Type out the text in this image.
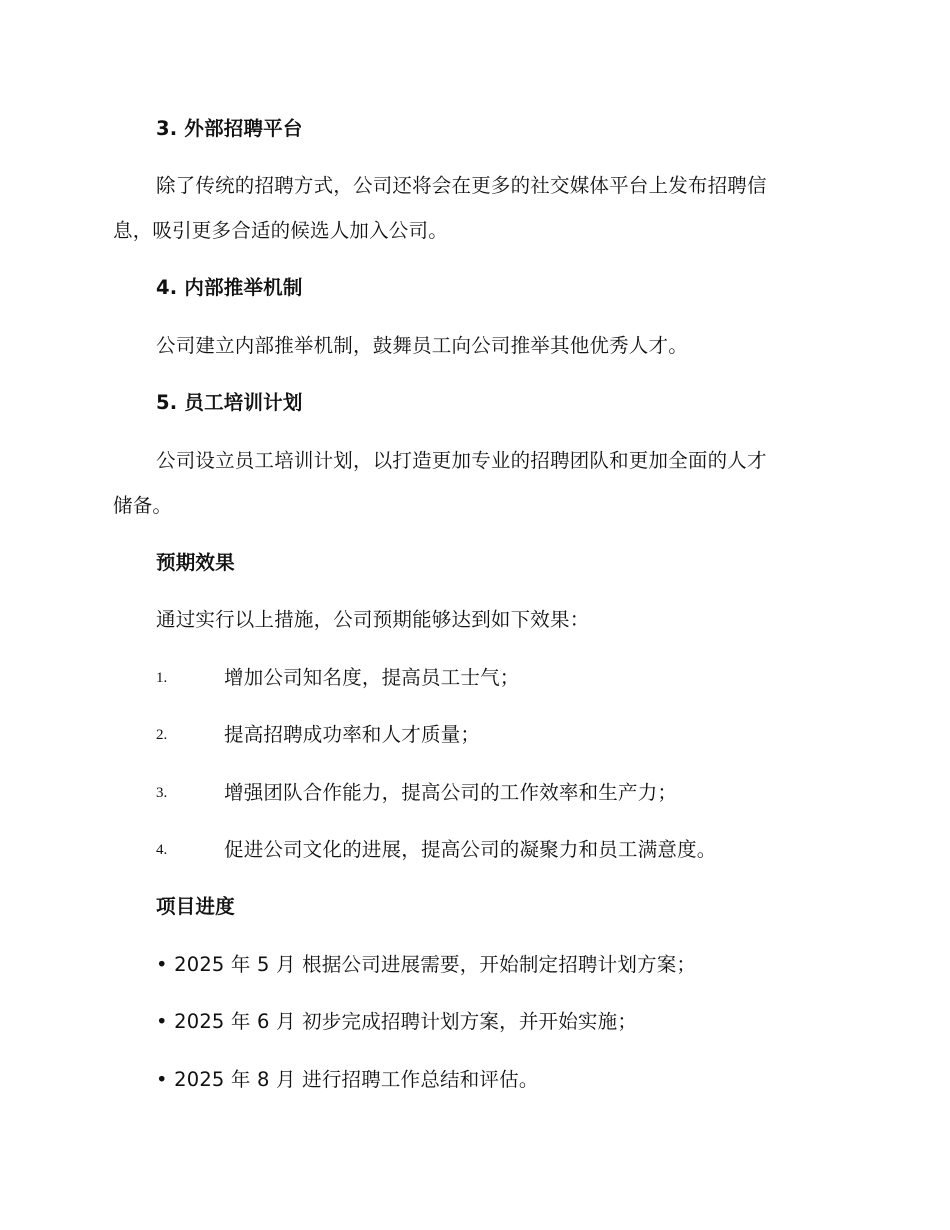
3. 外部招聘平台
除了传统的招聘方式，公司还将会在更多的社交媒体平台上发布招聘信
息，吸引更多合适的候选人加入公司。
4. 内部推举机制
公司建立内部推举机制，鼓舞员工向公司推举其他优秀人才。
5. 员工培训计划
公司设立员工培训计划，以打造更加专业的招聘团队和更加全面的人才
储备。
预期效果
通过实行以上措施，公司预期能够达到如下效果：
1.	增加公司知名度，提高员工士气；
2.	提高招聘成功率和人才质量；
3.	增强团队合作能力，提高公司的工作效率和生产力；
4.	促进公司文化的进展，提高公司的凝聚力和员工满意度。
项目进度
• 2025 年 5 月 根据公司进展需要，开始制定招聘计划方案；
• 2025 年 6 月 初步完成招聘计划方案，并开始实施；
• 2025 年 8 月 进行招聘工作总结和评估。
